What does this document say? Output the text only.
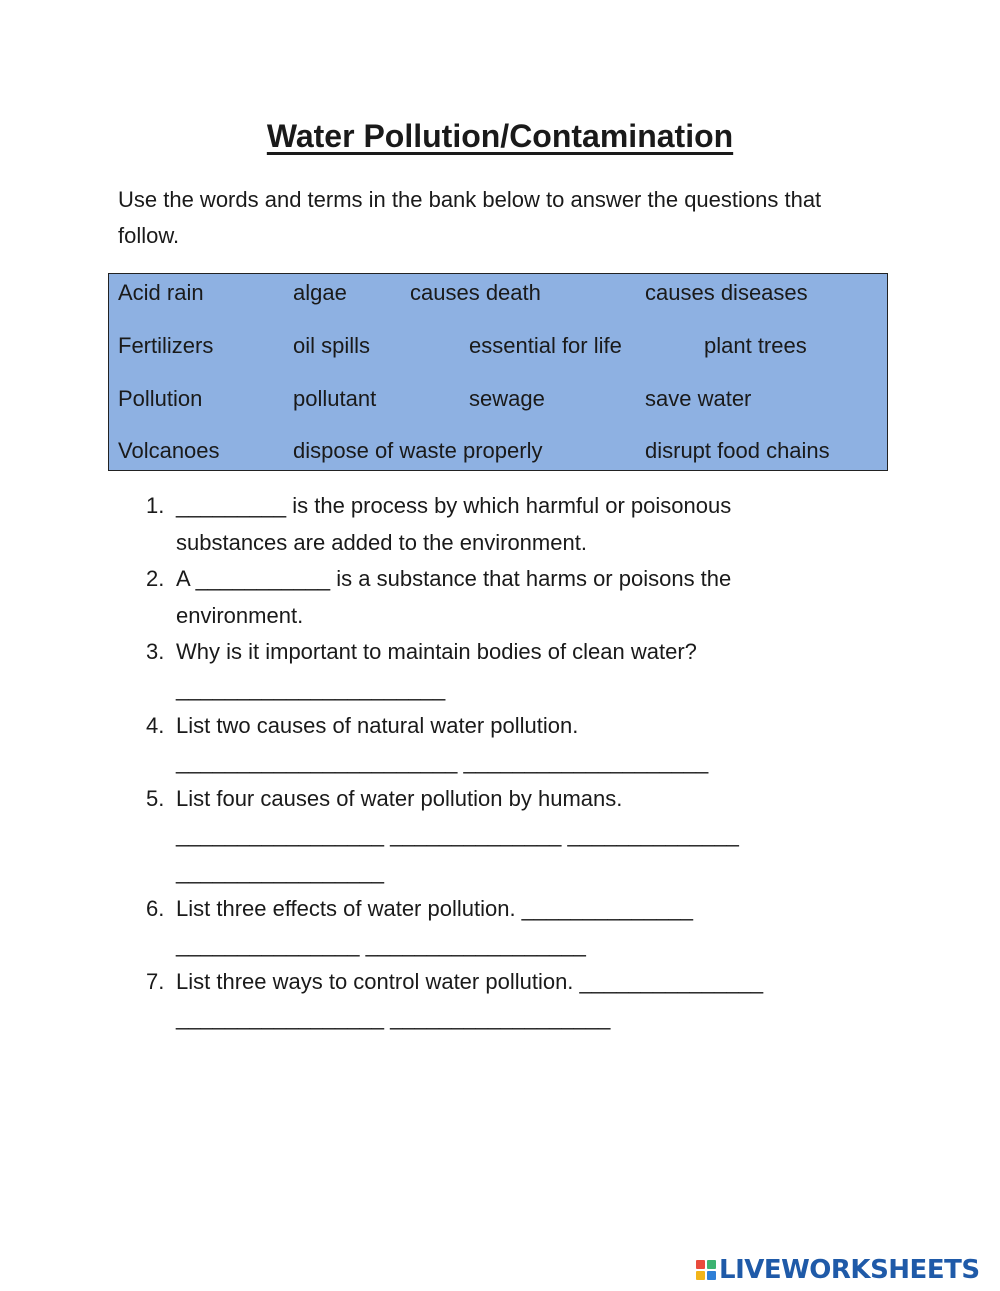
Water Pollution/Contamination
Use the words and terms in the bank below to answer the questions that follow.
Acid rain	algae	causes death	causes diseases
Fertilizers	oil spills	essential for life	plant trees
Pollution	pollutant	sewage	save water
Volcanoes	dispose of waste properly	disrupt food chains
1. _________ is the process by which harmful or poisonous
substances are added to the environment.
2. A ___________ is a substance that harms or poisons the
environment.
3. Why is it important to maintain bodies of clean water?
______________________
4. List two causes of natural water pollution.
_______________________ ____________________
5. List four causes of water pollution by humans.
_________________ ______________ ______________
_________________
6. List three effects of water pollution. ______________
_______________ __________________
7. List three ways to control water pollution. _______________
_________________ __________________
LIVEWORKSHEETS
